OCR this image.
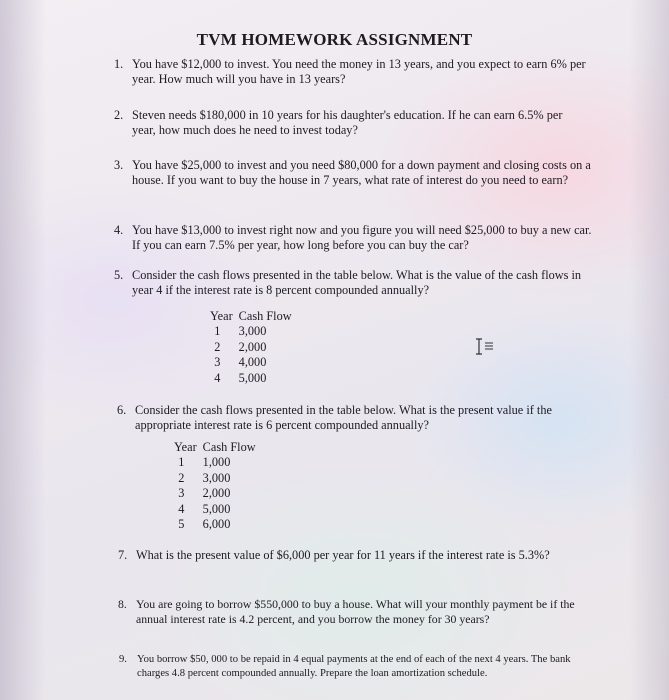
TVM HOMEWORK ASSIGNMENT
1. You have $12,000 to invest. You need the money in 13 years, and you expect to earn 6% per year. How much will you have in 13 years?
2. Steven needs $180,000 in 10 years for his daughter's education. If he can earn 6.5% per year, how much does he need to invest today?
3. You have $25,000 to invest and you need $80,000 for a down payment and closing costs on a house. If you want to buy the house in 7 years, what rate of interest do you need to earn?
4. You have $13,000 to invest right now and you figure you will need $25,000 to buy a new car. If you can earn 7.5% per year, how long before you can buy the car?
5. Consider the cash flows presented in the table below. What is the value of the cash flows in year 4 if the interest rate is 8 percent compounded annually?
Year	Cash Flow
1	3,000
2	2,000
3	4,000
4	5,000
6. Consider the cash flows presented in the table below. What is the present value if the appropriate interest rate is 6 percent compounded annually?
Year	Cash Flow
1	1,000
2	3,000
3	2,000
4	5,000
5	6,000
7. What is the present value of $6,000 per year for 11 years if the interest rate is 5.3%?
8. You are going to borrow $550,000 to buy a house. What will your monthly payment be if the annual interest rate is 4.2 percent, and you borrow the money for 30 years?
9. You borrow $50, 000 to be repaid in 4 equal payments at the end of each of the next 4 years. The bank charges 4.8 percent compounded annually. Prepare the loan amortization schedule.
